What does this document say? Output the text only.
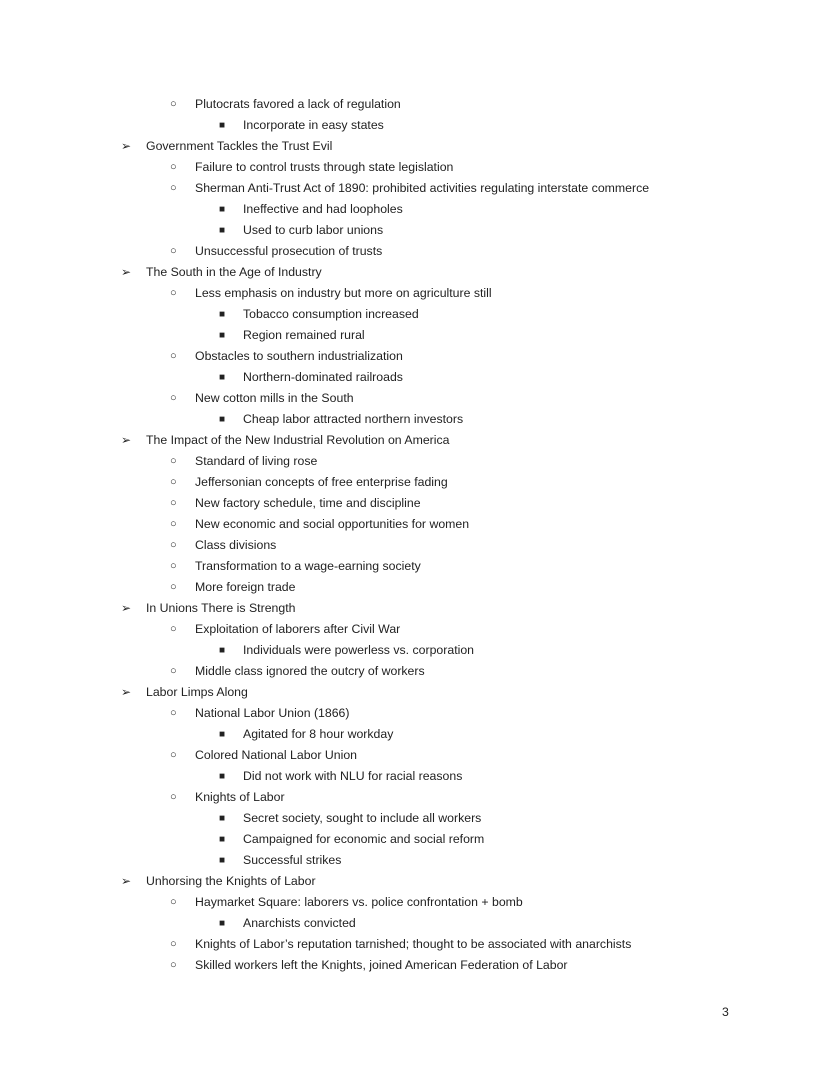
○ Plutocrats favored a lack of regulation
■ Incorporate in easy states
➢ Government Tackles the Trust Evil
○ Failure to control trusts through state legislation
○ Sherman Anti-Trust Act of 1890: prohibited activities regulating interstate commerce
■ Ineffective and had loopholes
■ Used to curb labor unions
○ Unsuccessful prosecution of trusts
➢ The South in the Age of Industry
○ Less emphasis on industry but more on agriculture still
■ Tobacco consumption increased
■ Region remained rural
○ Obstacles to southern industrialization
■ Northern-dominated railroads
○ New cotton mills in the South
■ Cheap labor attracted northern investors
➢ The Impact of the New Industrial Revolution on America
○ Standard of living rose
○ Jeffersonian concepts of free enterprise fading
○ New factory schedule, time and discipline
○ New economic and social opportunities for women
○ Class divisions
○ Transformation to a wage-earning society
○ More foreign trade
➢ In Unions There is Strength
○ Exploitation of laborers after Civil War
■ Individuals were powerless vs. corporation
○ Middle class ignored the outcry of workers
➢ Labor Limps Along
○ National Labor Union (1866)
■ Agitated for 8 hour workday
○ Colored National Labor Union
■ Did not work with NLU for racial reasons
○ Knights of Labor
■ Secret society, sought to include all workers
■ Campaigned for economic and social reform
■ Successful strikes
➢ Unhorsing the Knights of Labor
○ Haymarket Square: laborers vs. police confrontation + bomb
■ Anarchists convicted
○ Knights of Labor’s reputation tarnished; thought to be associated with anarchists
○ Skilled workers left the Knights, joined American Federation of Labor
3
